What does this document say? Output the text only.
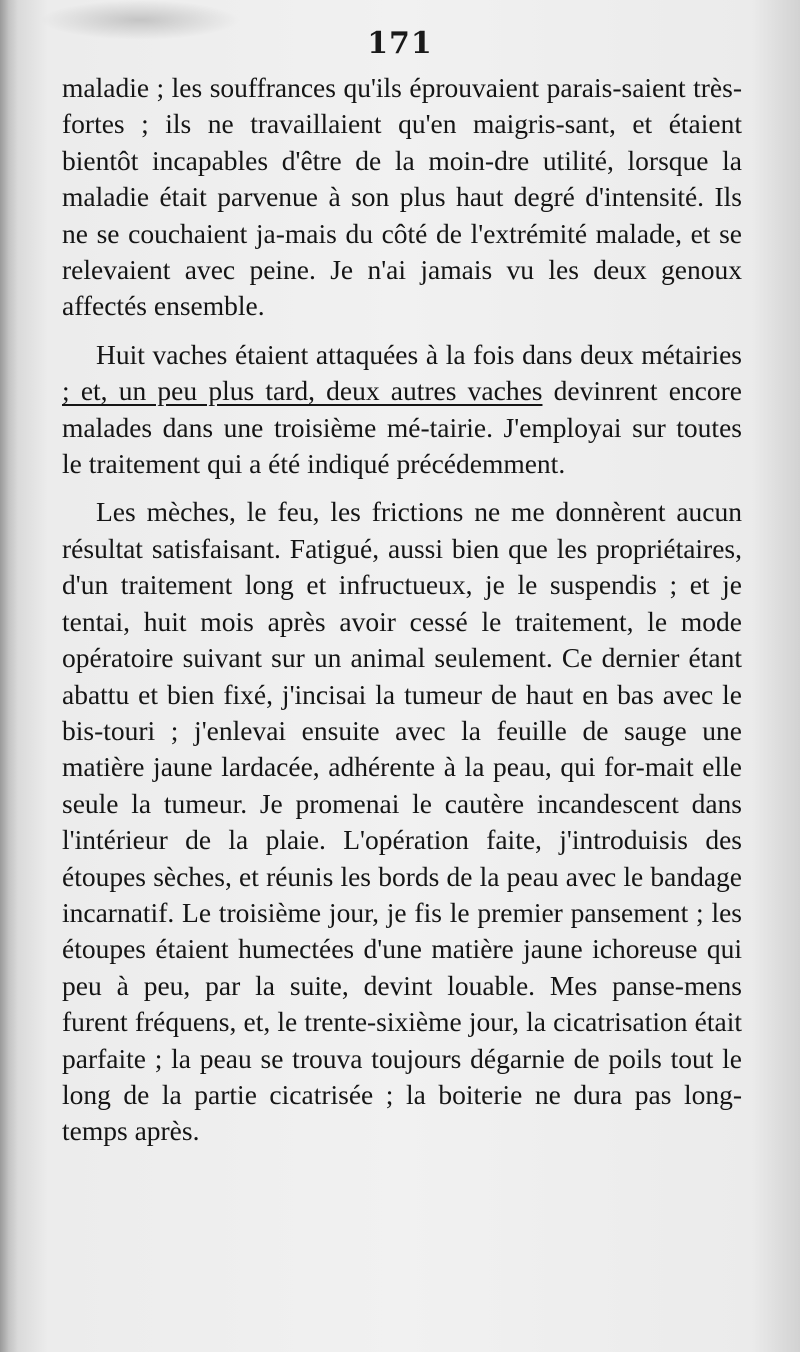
171

maladie ; les souffrances qu'ils éprouvaient parais-saient très-fortes ; ils ne travaillaient qu'en maigris-sant, et étaient bientôt incapables d'être de la moin-dre utilité, lorsque la maladie était parvenue à son plus haut degré d'intensité. Ils ne se couchaient ja-mais du côté de l'extrémité malade, et se relevaient avec peine. Je n'ai jamais vu les deux genoux affectés ensemble.

Huit vaches étaient attaquées à la fois dans deux métairies ; et, un peu plus tard, deux autres vaches devinrent encore malades dans une troisième mé-tairie. J'employai sur toutes le traitement qui a été indiqué précédemment.

Les mèches, le feu, les frictions ne me donnèrent aucun résultat satisfaisant. Fatigué, aussi bien que les propriétaires, d'un traitement long et infructueux, je le suspendis ; et je tentai, huit mois après avoir cessé le traitement, le mode opératoire suivant sur un animal seulement. Ce dernier étant abattu et bien fixé, j'incisai la tumeur de haut en bas avec le bis-touri ; j'enlevai ensuite avec la feuille de sauge une matière jaune lardacée, adhérente à la peau, qui for-mait elle seule la tumeur. Je promenai le cautère incandescent dans l'intérieur de la plaie. L'opération faite, j'introduisis des étoupes sèches, et réunis les bords de la peau avec le bandage incarnatif. Le troisième jour, je fis le premier pansement ; les étoupes étaient humectées d'une matière jaune ichoreuse qui peu à peu, par la suite, devint louable. Mes panse-mens furent fréquens, et, le trente-sixième jour, la cicatrisation était parfaite ; la peau se trouva toujours dégarnie de poils tout le long de la partie cicatrisée ; la boiterie ne dura pas long-temps après.
